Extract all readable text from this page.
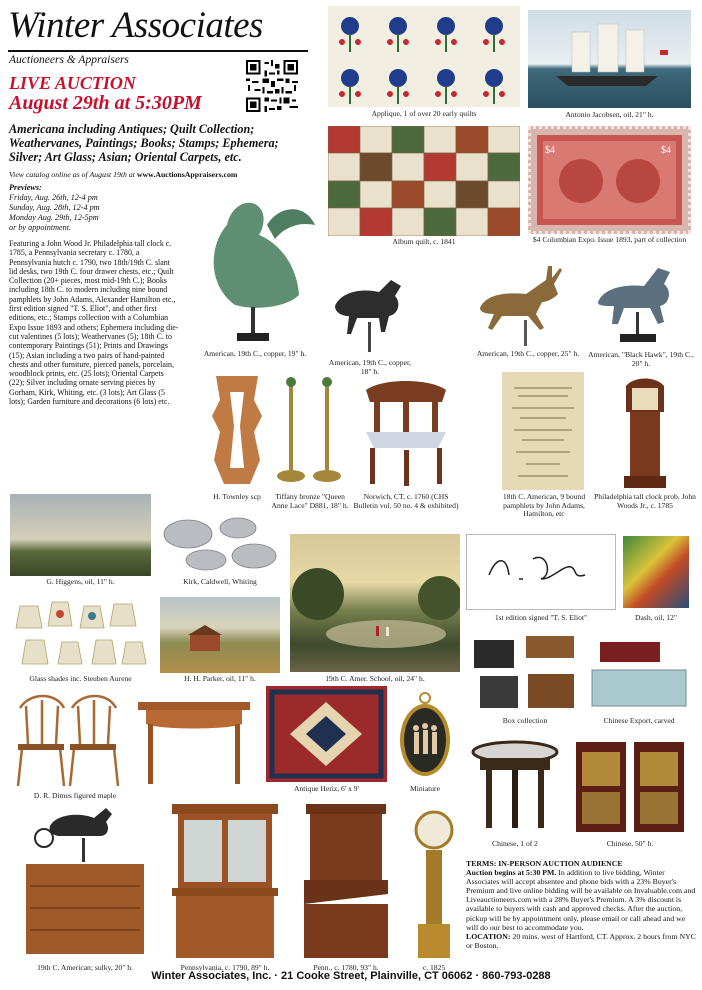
Winter Associates
Auctioneers & Appraisers
LIVE AUCTION
August 29th at 5:30PM
Americana including Antiques; Quilt Collection; Weathervanes, Paintings; Books; Stamps; Ephemera; Silver; Art Glass; Asian; Oriental Carpets, etc.
View catalog online as of August 19th at www.AuctionsAppraisers.com
Previews:
Friday, Aug. 26th, 12-4 pm
Sunday, Aug. 28th, 12-4 pm
Monday Aug. 29th, 12-5pm
or by appointment.
Featuring a John Wood Jr. Philadelphia tall clock c. 1785, a Pennsylvania secretary c. 1780, a Pennsylvania hutch c. 1790, two 18th/19th C. slant lid desks, two 19th C. four drawer chests, etc.; Quilt Collection (20+ pieces, most mid-19th C.); Books including 18th C. to modern including nine bound pamphlets by John Adams, Alexander Hamilton etc., first edition signed "T. S. Eliot", and other first editions, etc.; Stamps collection with a Columbian Expo Issue 1893 and others; Ephemera including die-cut valentines (5 lots); Weathervanes (5); 18th C. to contemporary Paintings (51); Prints and Drawings (15); Asian including a two pairs of hand-painted chests and other furniture, pierced panels, porcelain, woodblock prints, etc. (25 lots); Oriental Carpets (22); Silver including ornate serving pieces by Gorham, Kirk, Whiting, etc. (3 lots); Art Glass (5 lots); Garden furniture and decorations (6 lots) etc.
Applique, 1 of over 20 early quilts	Antonio Jacobsen, oil, 21" h.
Album quilt, c. 1841
$4	$4
$4 Columbian Expo. Issue 1893, part of collection
American, 19th C., copper, 19" h.
American, 19th C., copper, 18" h.
American, 19th C., copper, 25" h.	American, "Black Hawk", 19th C., 20" h.
H. Townley scp	Tiffany bronze "Queen Anne Lace" D881, 18" h.
Norwich, CT, c. 1760 (CHS Bulletin vol. 50 no. 4 & exhibited)
18th C. American, 9 bound pamphlets by John Adams, Hamilton, etc
Philadelphia tall clock prob. John Woods Jr., c. 1785
G. Higgens, oil, 11" h.	Kirk, Caldwell, Whiting
19th C. Amer. School, oil, 24" h.
1st edition signed "T. S. Eliot"	Dash, oil, 12"
Glass shades inc. Steuben Aurene	H. H. Parker, oil, 11" h.
Box collection	Chinese Export, carved
D. R. Dimes figured maple
Antique Heriz, 6' x 9'	Miniature
Chinese, 1 of 2	Chinese, 50" h.
19th C. American; sulky, 20" h.	Pennsylvania, c. 1790, 89" h.	Penn., c. 1780, 93" h.	c. 1825
TERMS: IN-PERSON AUCTION AUDIENCE
Auction begins at 5:30 PM. In addition to live bidding, Winter Associates will accept absentee and phone bids with a 23% Buyer's Premium and live online bidding will be available on Invaluable.com and Liveauctioneers.com with a 28% Buyer's Premium. A 3% discount is available to buyers with cash and approved checks. After the auction, pickup will be by appointment only, please email or call ahead and we will do our best to accommodate you.
LOCATION: 20 mins. west of Hartford, CT. Approx. 2 hours from NYC or Boston.
Winter Associates, Inc. · 21 Cooke Street, Plainville, CT 06062 · 860-793-0288
